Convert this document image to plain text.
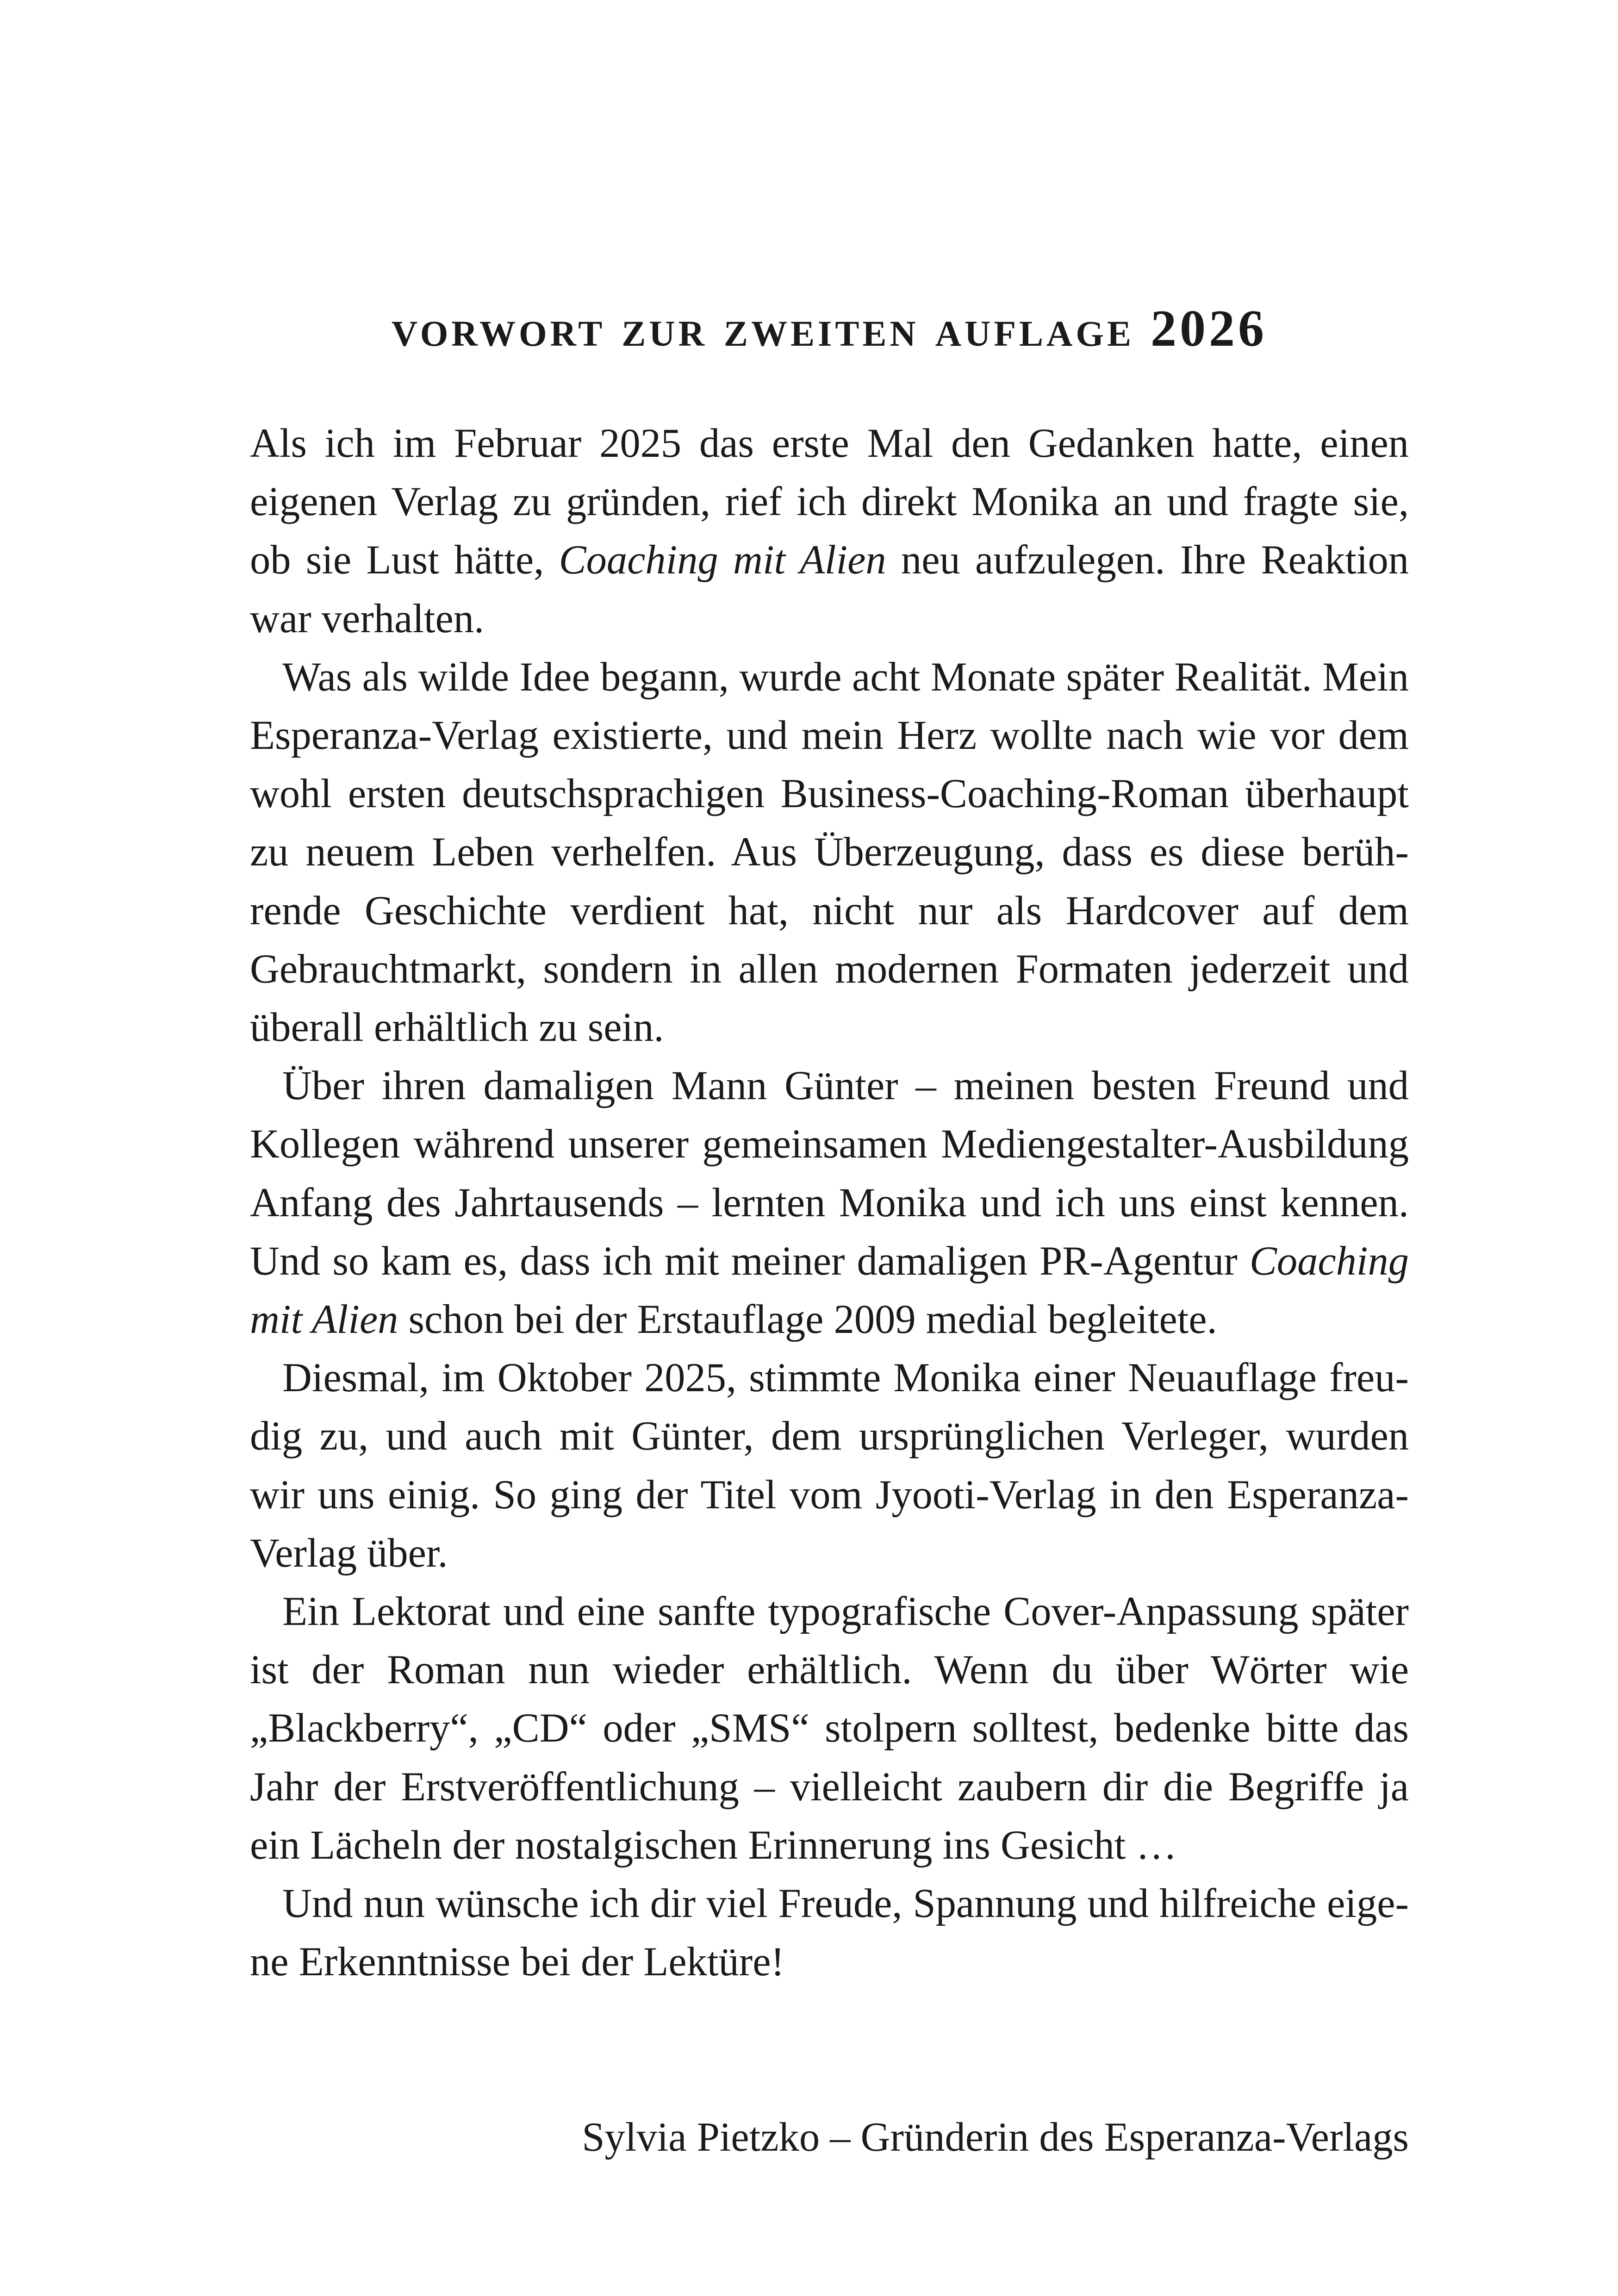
vorwort zur zweiten auflage 2026

Als ich im Februar 2025 das erste Mal den Gedanken hatte, einen eigenen Verlag zu gründen, rief ich direkt Monika an und fragte sie, ob sie Lust hätte, Coaching mit Alien neu aufzulegen. Ihre Reaktion war verhalten.

Was als wilde Idee begann, wurde acht Monate später Realität. Mein Esperanza-Verlag existierte, und mein Herz wollte nach wie vor dem wohl ersten deutschsprachigen Business-Coaching-Roman überhaupt zu neuem Leben verhelfen. Aus Überzeugung, dass es diese berührende Geschichte verdient hat, nicht nur als Hardcover auf dem Gebrauchtmarkt, sondern in allen modernen Formaten jederzeit und überall erhältlich zu sein.

Über ihren damaligen Mann Günter – meinen besten Freund und Kollegen während unserer gemeinsamen Mediengestalter-Ausbildung Anfang des Jahrtausends – lernten Monika und ich uns einst kennen. Und so kam es, dass ich mit meiner damaligen PR-Agentur Coaching mit Alien schon bei der Erstauflage 2009 medial begleitete.

Diesmal, im Oktober 2025, stimmte Monika einer Neuauflage freudig zu, und auch mit Günter, dem ursprünglichen Verleger, wurden wir uns einig. So ging der Titel vom Jyooti-Verlag in den Esperanza-Verlag über.

Ein Lektorat und eine sanfte typografische Cover-Anpassung später ist der Roman nun wieder erhältlich. Wenn du über Wörter wie „Blackberry“, „CD“ oder „SMS“ stolpern solltest, bedenke bitte das Jahr der Erstveröffentlichung – vielleicht zaubern dir die Begriffe ja ein Lächeln der nostalgischen Erinnerung ins Gesicht …

Und nun wünsche ich dir viel Freude, Spannung und hilfreiche eigene Erkenntnisse bei der Lektüre!

Sylvia Pietzko – Gründerin des Esperanza-Verlags
